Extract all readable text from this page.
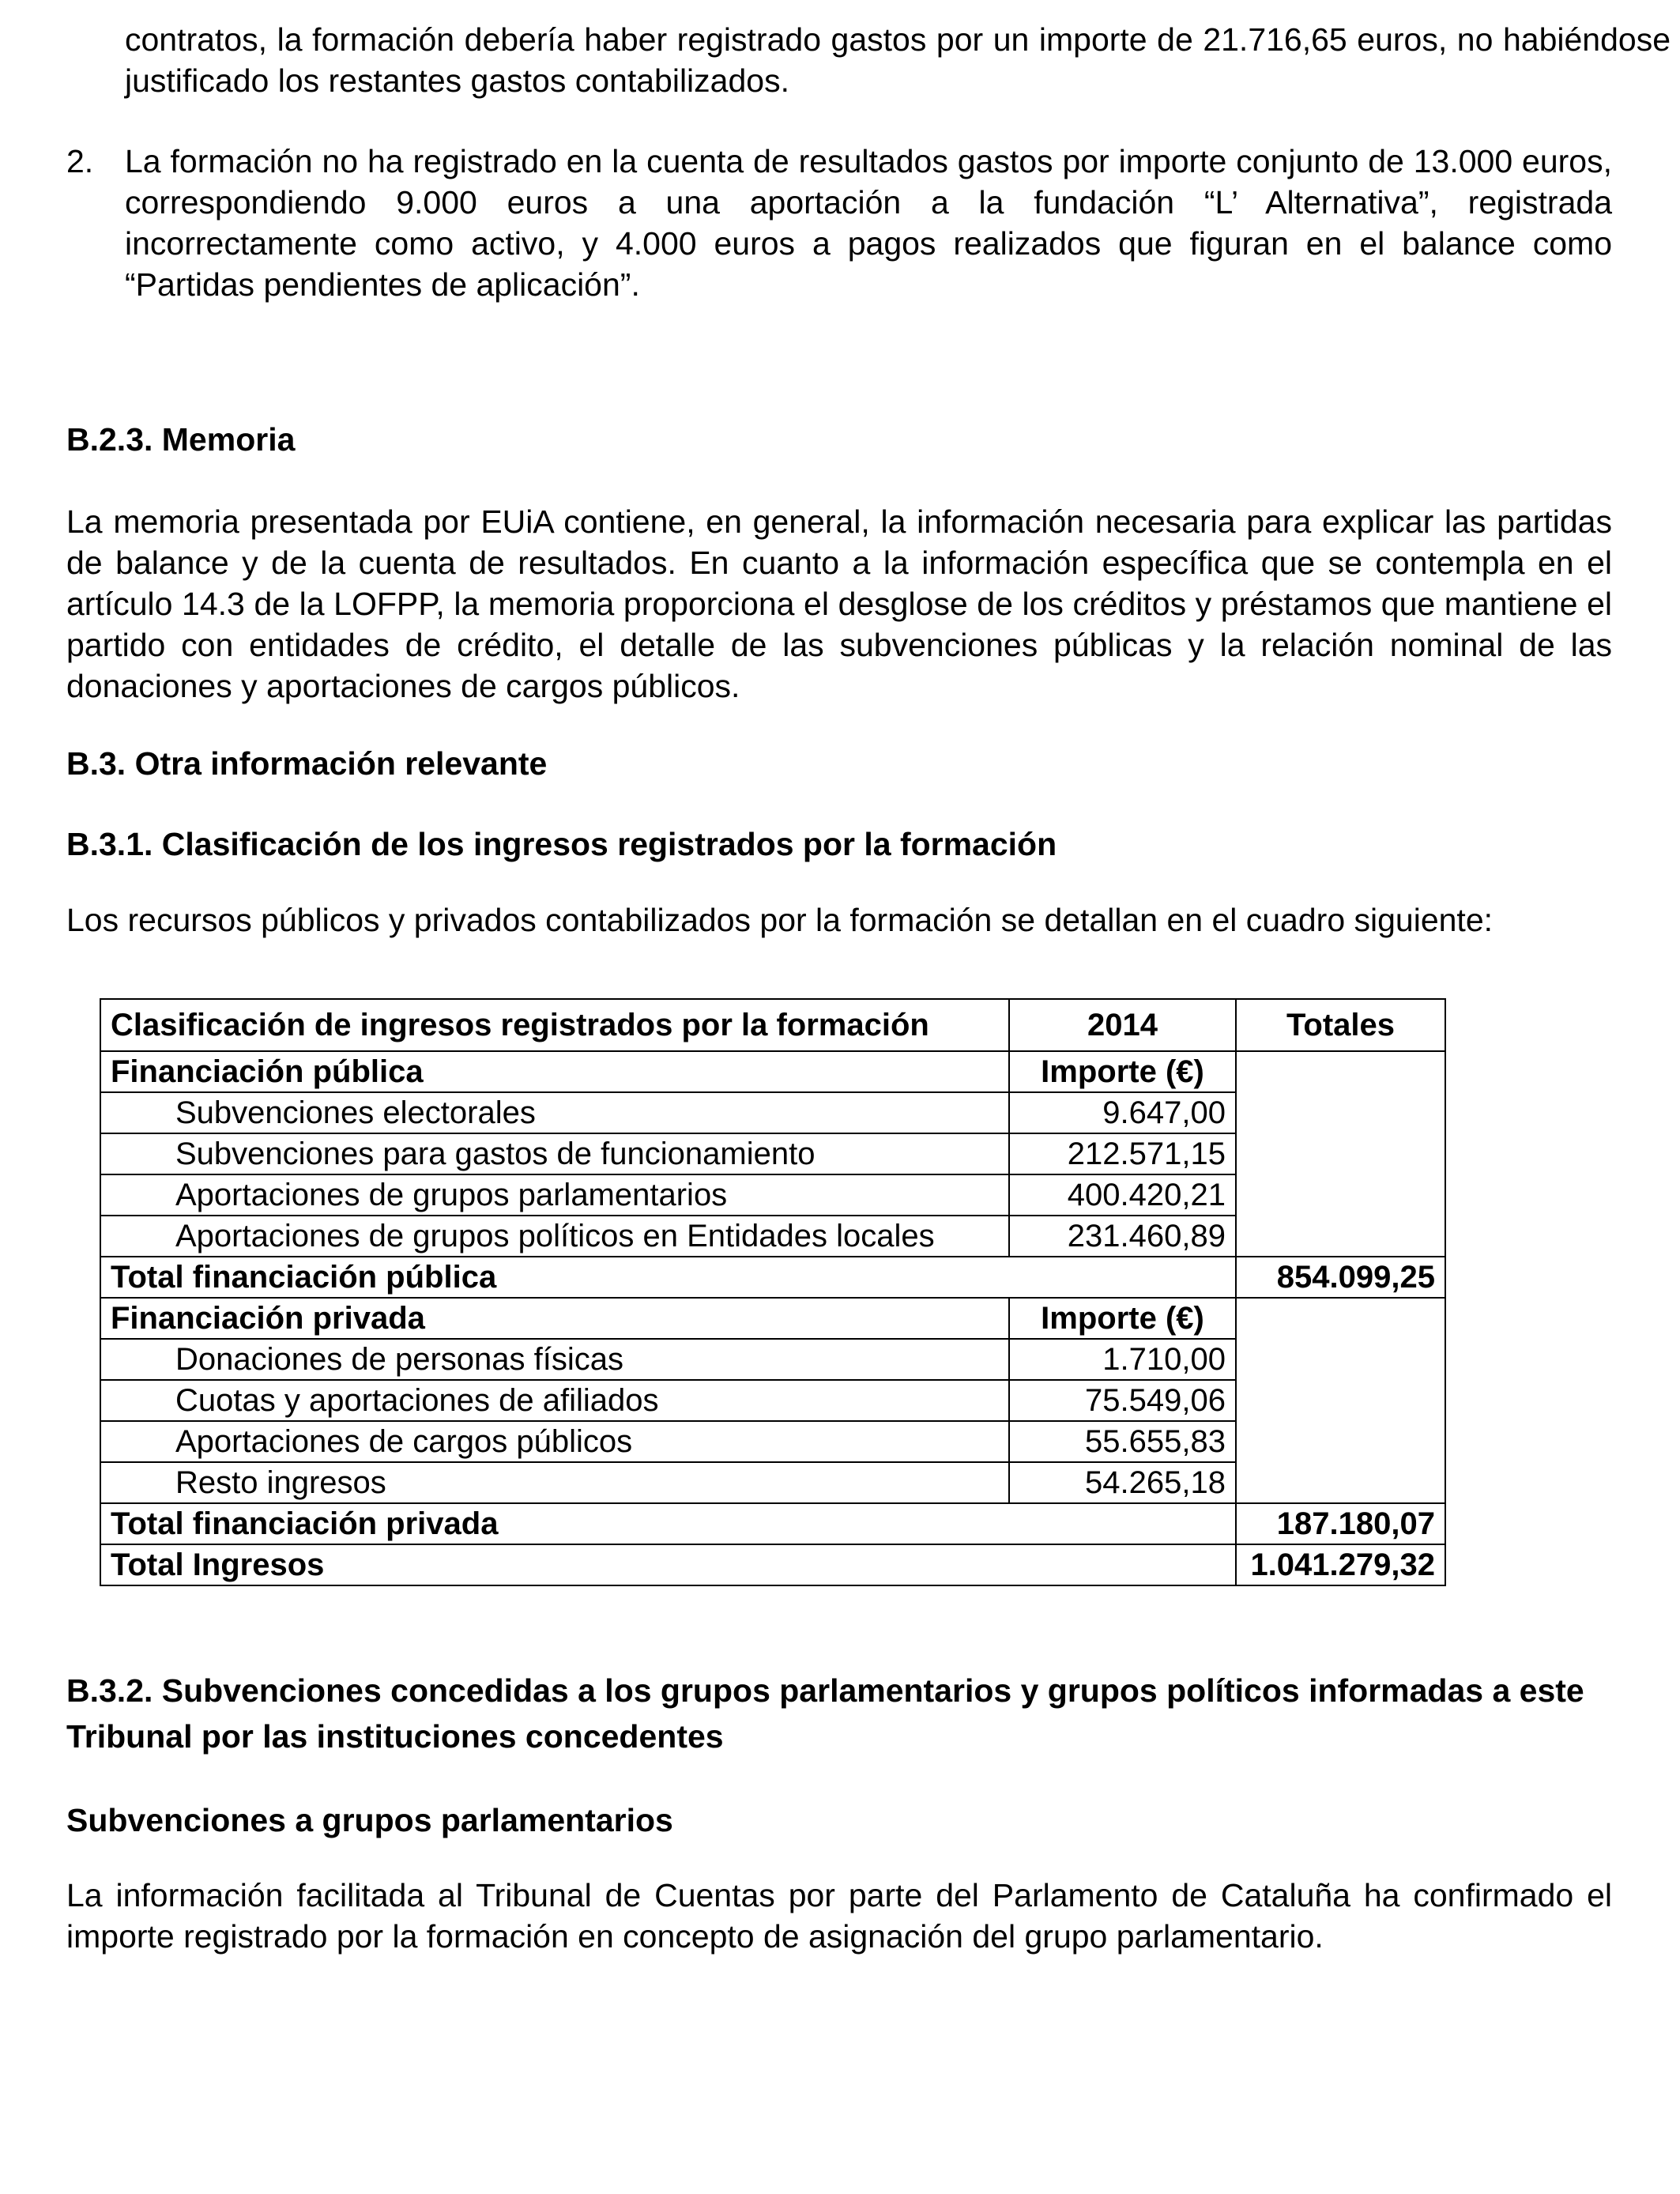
contratos, la formación debería haber registrado gastos por un importe de 21.716,65 euros, no habiéndose justificado los restantes gastos contabilizados.

2. La formación no ha registrado en la cuenta de resultados gastos por importe conjunto de 13.000 euros, correspondiendo 9.000 euros a una aportación a la fundación “L’ Alternativa”, registrada incorrectamente como activo, y 4.000 euros a pagos realizados que figuran en el balance como “Partidas pendientes de aplicación”.

B.2.3. Memoria

La memoria presentada por EUiA contiene, en general, la información necesaria para explicar las partidas de balance y de la cuenta de resultados. En cuanto a la información específica que se contempla en el artículo 14.3 de la LOFPP, la memoria proporciona el desglose de los créditos y préstamos que mantiene el partido con entidades de crédito, el detalle de las subvenciones públicas y la relación nominal de las donaciones y aportaciones de cargos públicos.

B.3. Otra información relevante
B.3.1. Clasificación de los ingresos registrados por la formación

Los recursos públicos y privados contabilizados por la formación se detallan en el cuadro siguiente:

B.3.2. Subvenciones concedidas a los grupos parlamentarios y grupos políticos informadas a este Tribunal por las instituciones concedentes
Subvenciones a grupos parlamentarios

La información facilitada al Tribunal de Cuentas por parte del Parlamento de Cataluña ha confirmado el importe registrado por la formación en concepto de asignación del grupo parlamentario.

Clasificación de ingresos registrados por la formación	2014	Totales
Financiación pública	Importe (€)	
Subvenciones electorales	9.647,00	
Subvenciones para gastos de funcionamiento	212.571,15	
Aportaciones de grupos parlamentarios	400.420,21	
Aportaciones de grupos políticos en Entidades locales	231.460,89	
Total financiación pública		854.099,25
Financiación privada	Importe (€)	
Donaciones de personas físicas	1.710,00	
Cuotas y aportaciones de afiliados	75.549,06	
Aportaciones de cargos públicos	55.655,83	
Resto ingresos	54.265,18	
Total financiación privada		187.180,07
Total Ingresos		1.041.279,32
